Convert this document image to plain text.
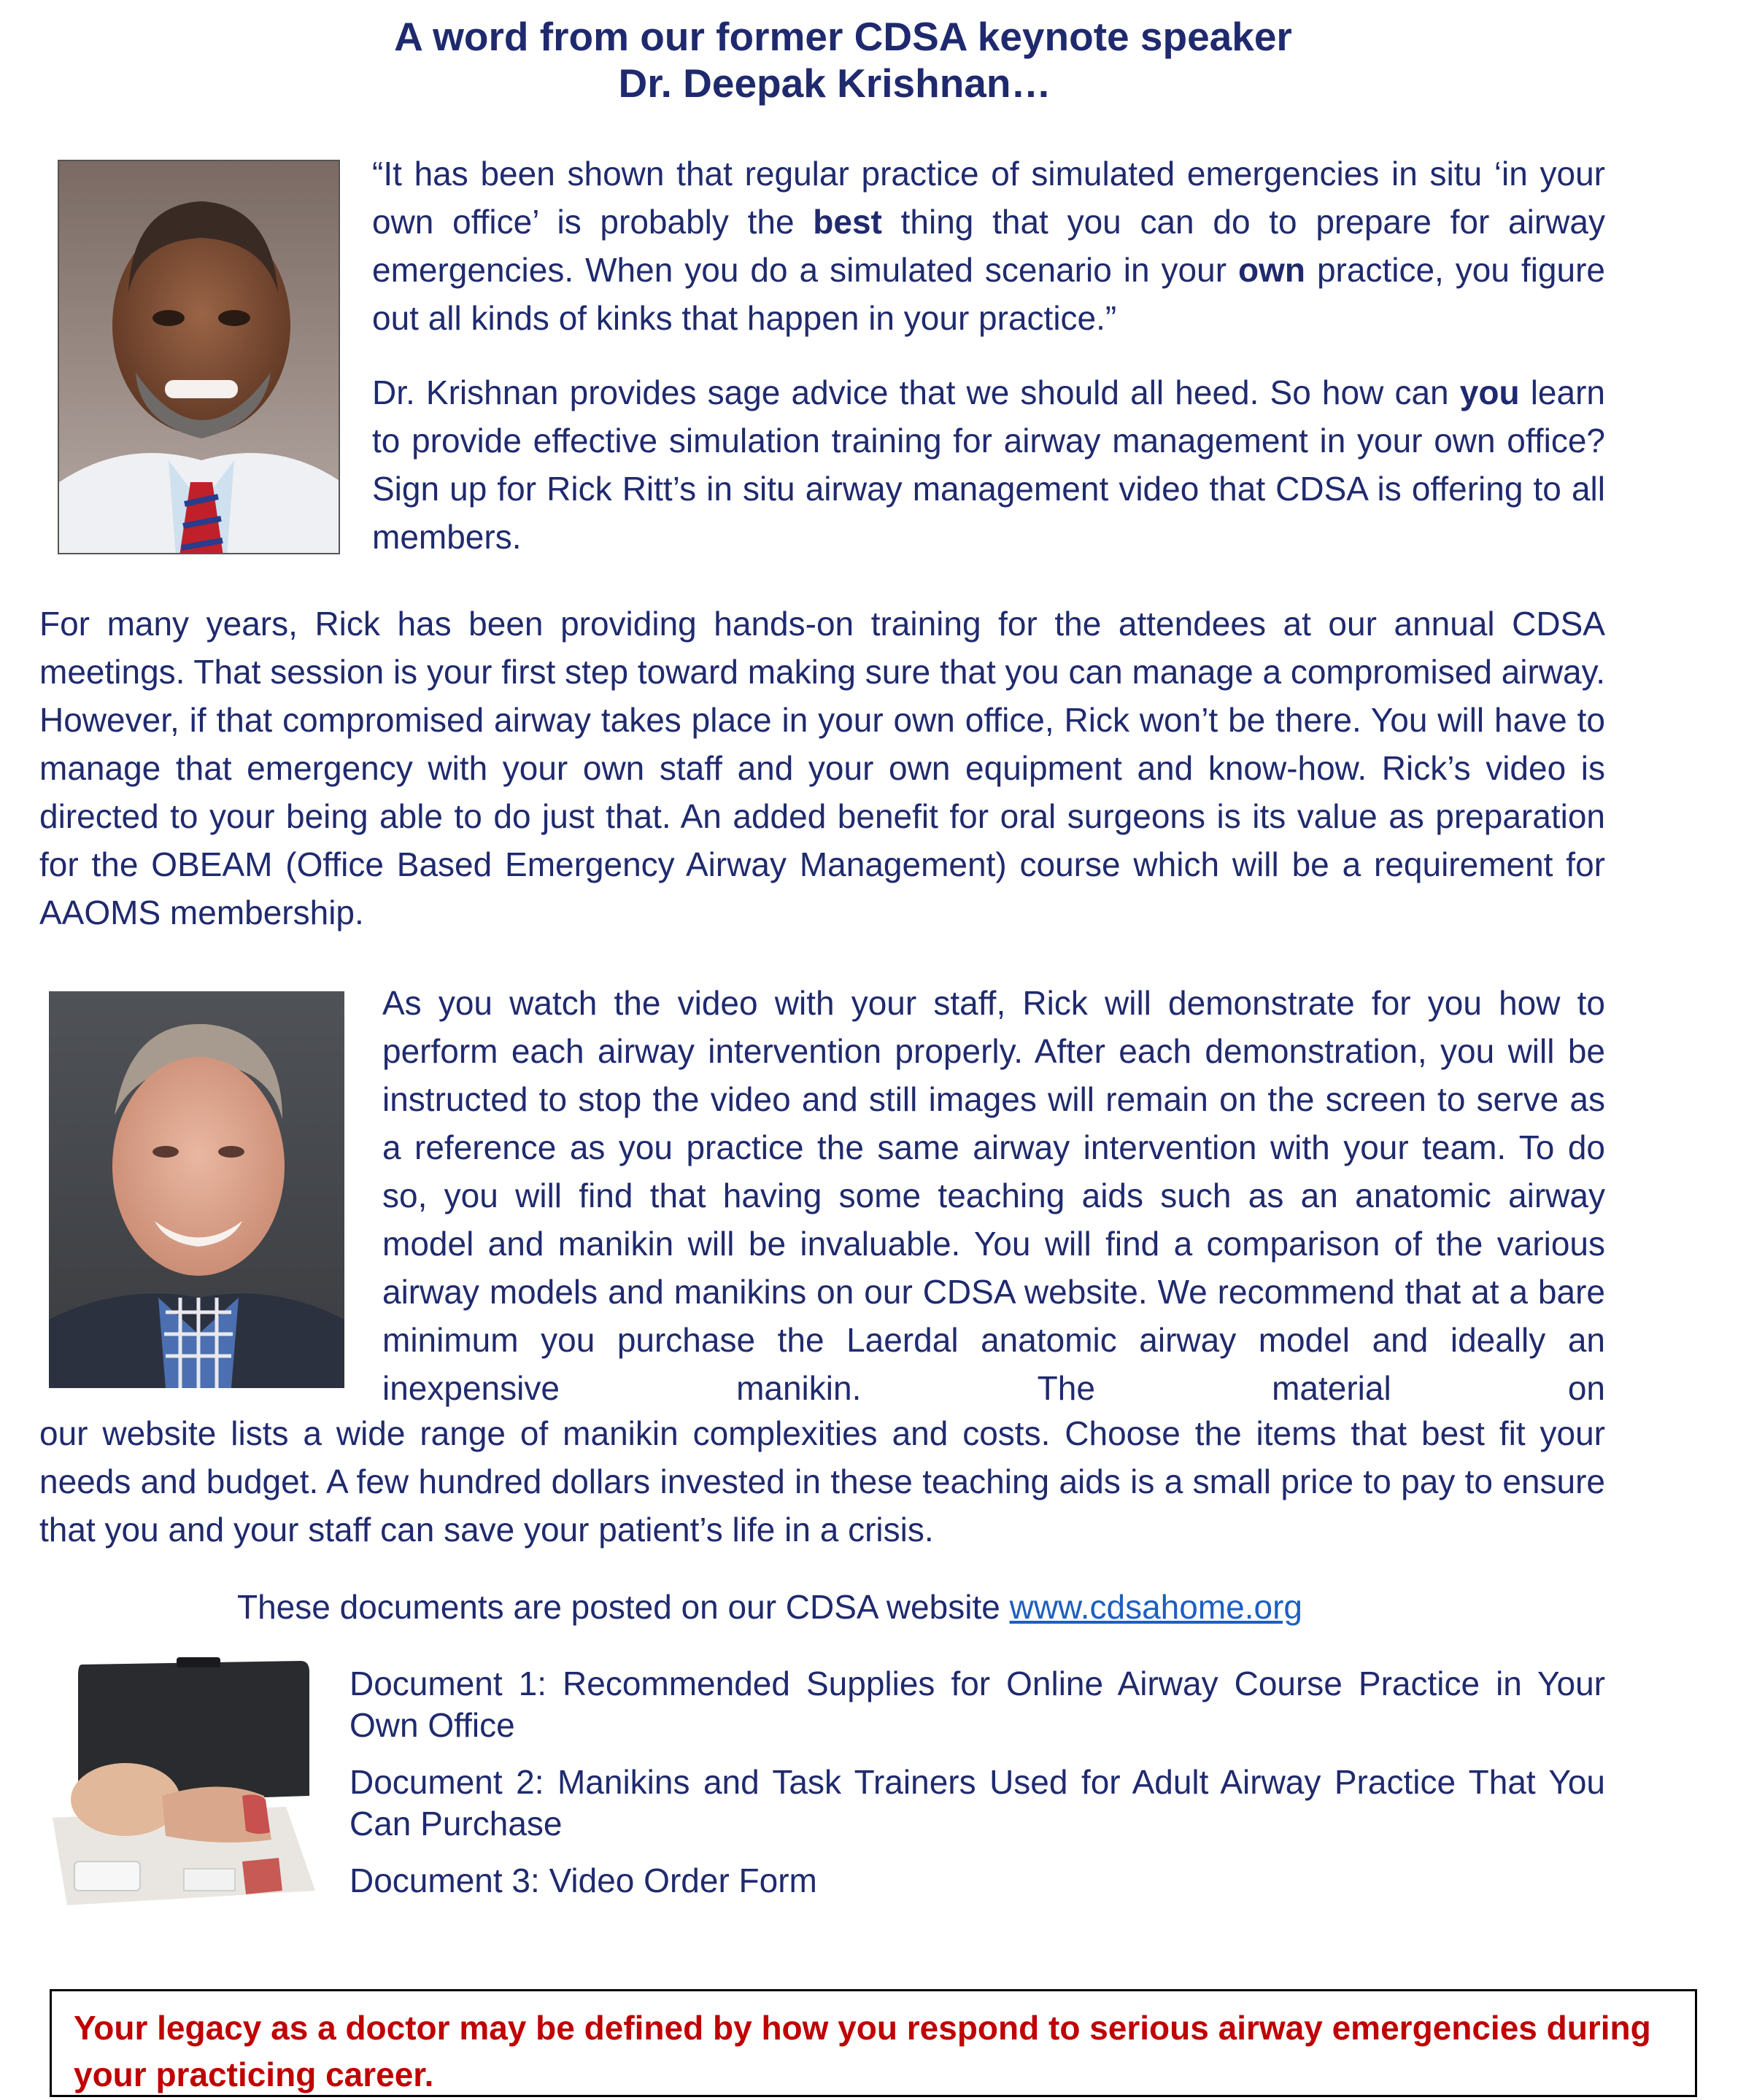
A word from our former CDSA keynote speaker
Dr. Deepak Krishnan…
“It has been shown that regular practice of simulated emergencies in situ ‘in your own office’ is probably the best thing that you can do to prepare for airway emergencies. When you do a simulated scenario in your own practice, you figure out all kinds of kinks that happen in your practice.”
Dr. Krishnan provides sage advice that we should all heed. So how can you learn to provide effective simulation training for airway management in your own office? Sign up for Rick Ritt’s in situ airway management video that CDSA is offering to all members.
For many years, Rick has been providing hands-on training for the attendees at our annual CDSA meetings. That session is your first step toward making sure that you can manage a compromised airway. However, if that compromised airway takes place in your own office, Rick won’t be there. You will have to manage that emergency with your own staff and your own equipment and know-how. Rick’s video is directed to your being able to do just that. An added benefit for oral surgeons is its value as preparation for the OBEAM (Office Based Emergency Airway Management) course which will be a requirement for AAOMS membership.
As you watch the video with your staff, Rick will demonstrate for you how to perform each airway intervention properly. After each demonstration, you will be instructed to stop the video and still images will remain on the screen to serve as a reference as you practice the same airway intervention with your team. To do so, you will find that having some teaching aids such as an anatomic airway model and manikin will be invaluable. You will find a comparison of the various airway models and manikins on our CDSA website. We recommend that at a bare minimum you purchase the Laerdal anatomic airway model and ideally an inexpensive manikin. The material on
our website lists a wide range of manikin complexities and costs. Choose the items that best fit your needs and budget. A few hundred dollars invested in these teaching aids is a small price to pay to ensure that you and your staff can save your patient’s life in a crisis.
These documents are posted on our CDSA website www.cdsahome.org
Document 1: Recommended Supplies for Online Airway Course Practice in Your Own Office
Document 2: Manikins and Task Trainers Used for Adult Airway Practice That You Can Purchase
Document 3: Video Order Form

Your legacy as a doctor may be defined by how you respond to serious airway emergencies during your practicing career.
